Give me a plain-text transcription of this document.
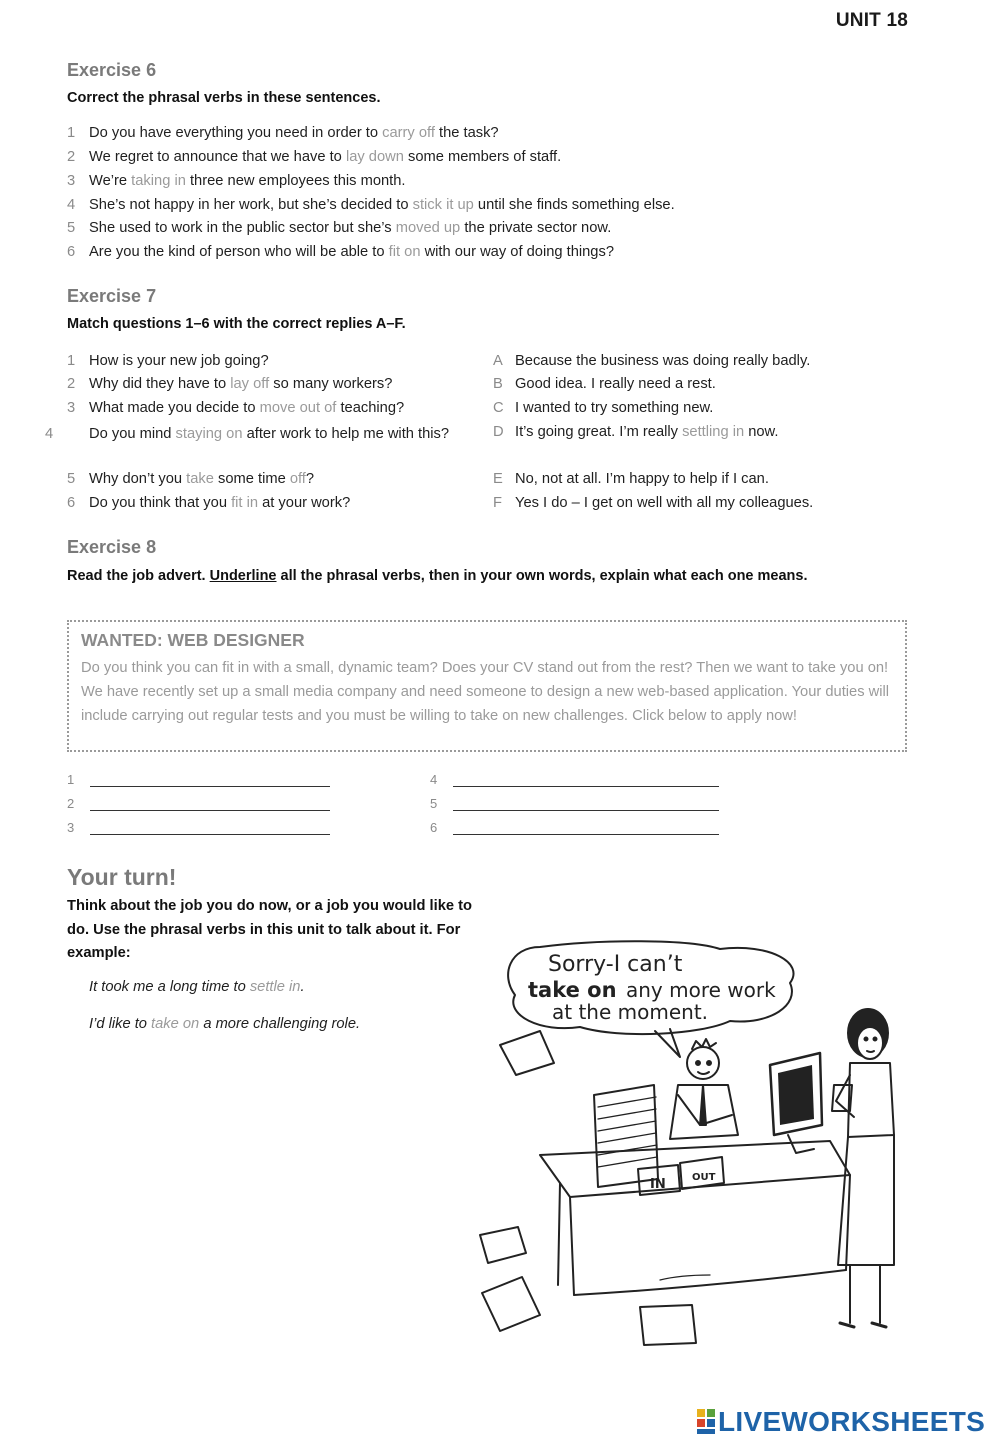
UNIT 18
Exercise 6
Correct the phrasal verbs in these sentences.
1 Do you have everything you need in order to carry off the task?
2 We regret to announce that we have to lay down some members of staff.
3 We’re taking in three new employees this month.
4 She’s not happy in her work, but she’s decided to stick it up until she finds something else.
5 She used to work in the public sector but she’s moved up the private sector now.
6 Are you the kind of person who will be able to fit on with our way of doing things?
Exercise 7
Match questions 1–6 with the correct replies A–F.
1 How is your new job going?
2 Why did they have to lay off so many workers?
3 What made you decide to move out of teaching?
4 Do you mind staying on after work to help me with this?
5 Why don’t you take some time off?
6 Do you think that you fit in at your work?
A Because the business was doing really badly.
B Good idea. I really need a rest.
C I wanted to try something new.
D It’s going great. I’m really settling in now.
E No, not at all. I’m happy to help if I can.
F Yes I do – I get on well with all my colleagues.
Exercise 8
Read the job advert. Underline all the phrasal verbs, then in your own words, explain what each one means.
WANTED: WEB DESIGNER
Do you think you can fit in with a small, dynamic team? Does your CV stand out from the rest? Then we want to take you on! We have recently set up a small media company and need someone to design a new web-based application. Your duties will include carrying out regular tests and you must be willing to take on new challenges. Click below to apply now!
1
2
3
4
5
6
Your turn!
Think about the job you do now, or a job you would like to do. Use the phrasal verbs in this unit to talk about it. For example:
It took me a long time to settle in.
I’d like to take on a more challenging role.
Sorry-I can’t
take on any more work
at the moment.
IN	OUT
LIVEWORKSHEETS
